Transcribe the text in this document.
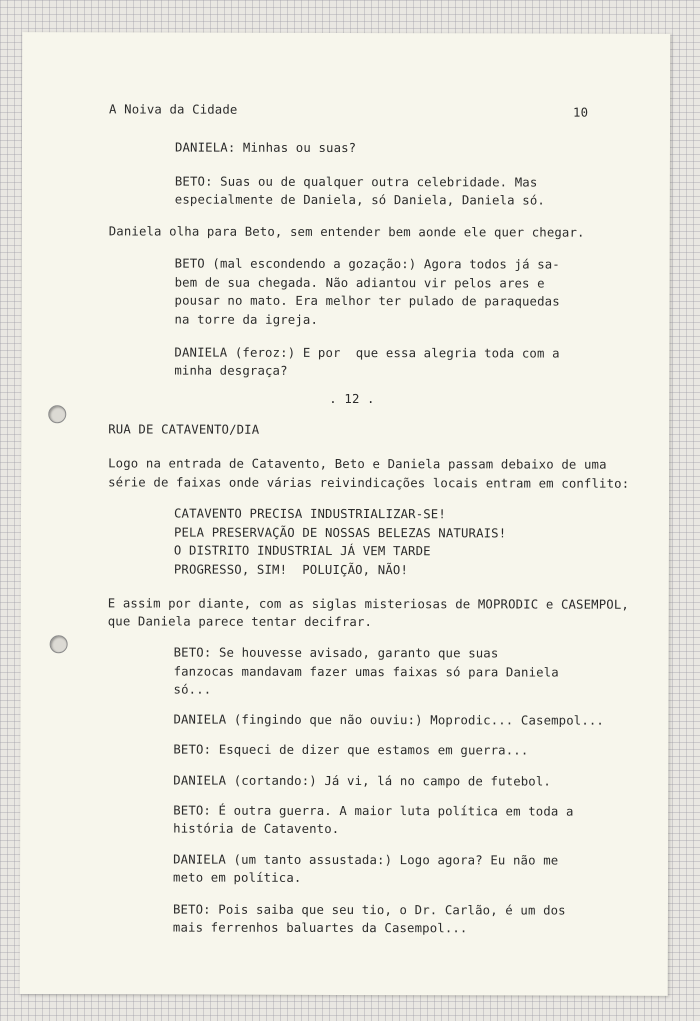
A Noiva da Cidade	10
DANIELA: Minhas ou suas?
BETO: Suas ou de qualquer outra celebridade. Mas
especialmente de Daniela, só Daniela, Daniela só.
Daniela olha para Beto, sem entender bem aonde ele quer chegar.
BETO (mal escondendo a gozação:) Agora todos já sa-
bem de sua chegada. Não adiantou vir pelos ares e
pousar no mato. Era melhor ter pulado de paraquedas
na torre da igreja.
DANIELA (feroz:) E por  que essa alegria toda com a
minha desgraça?
. 12 .
RUA DE CATAVENTO/DIA
Logo na entrada de Catavento, Beto e Daniela passam debaixo de uma
série de faixas onde várias reivindicações locais entram em conflito:
CATAVENTO PRECISA INDUSTRIALIZAR-SE!
PELA PRESERVAÇÃO DE NOSSAS BELEZAS NATURAIS!
O DISTRITO INDUSTRIAL JÁ VEM TARDE
PROGRESSO, SIM!  POLUIÇÃO, NÃO!
E assim por diante, com as siglas misteriosas de MOPRODIC e CASEMPOL,
que Daniela parece tentar decifrar.
BETO: Se houvesse avisado, garanto que suas
fanzocas mandavam fazer umas faixas só para Daniela
só...
DANIELA (fingindo que não ouviu:) Moprodic... Casempol...
BETO: Esqueci de dizer que estamos em guerra...
DANIELA (cortando:) Já vi, lá no campo de futebol.
BETO: É outra guerra. A maior luta política em toda a
história de Catavento.
DANIELA (um tanto assustada:) Logo agora? Eu não me
meto em política.
BETO: Pois saiba que seu tio, o Dr. Carlão, é um dos
mais ferrenhos baluartes da Casempol...
